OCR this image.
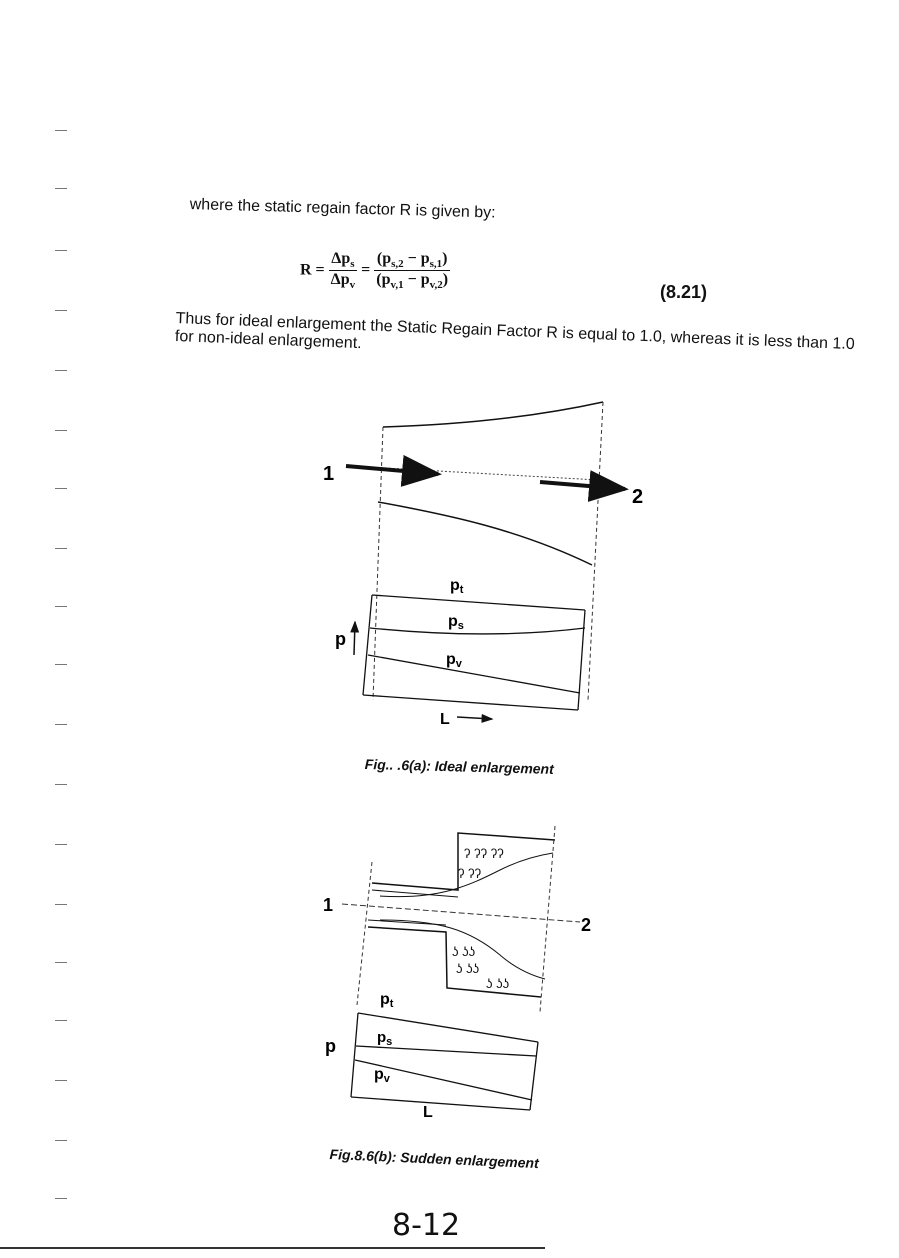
where the static regain factor R is given by:
$R = \frac{\Delta p_s}{\Delta p_v} = \frac{(p_{s,2} - p_{s,1})}{(p_{v,1} - p_{v,2})}$
(8.21)
Thus for ideal enlargement the Static Regain Factor R is equal to 1.0, whereas it is less than 1.0 for non-ideal enlargement.
1
2
pt
ps
pv
p
L
Fig.. .6(a): Ideal enlargement
ʔ ʔʔ ʔʔ
ʔ ʔʔ
ʖ ʖʖ
ʖ ʖʖ
ʖ ʖʖ
1
2
pt
$p_s$
pv
p
L
Fig.8.6(b): Sudden enlargement
8-12
